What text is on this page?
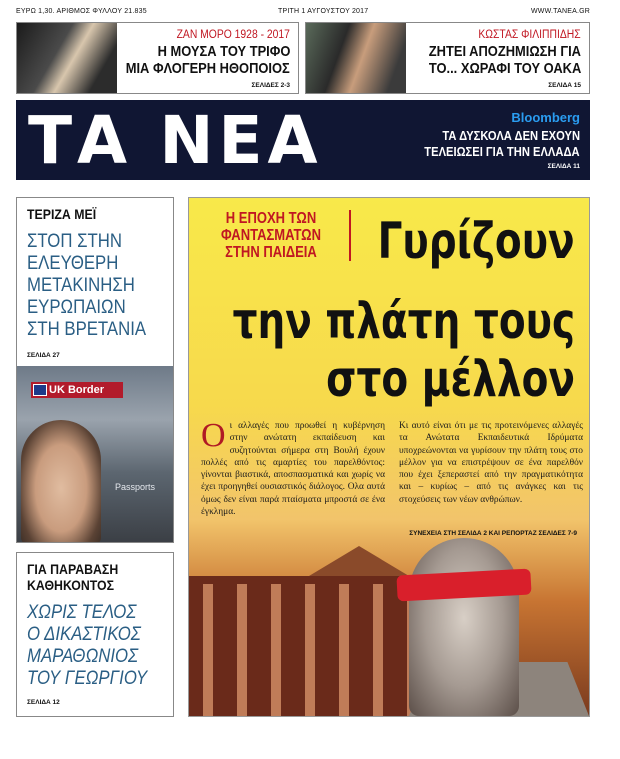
ΕΥΡΩ 1,30. ΑΡΙΘΜΟΣ ΦΥΛΛΟΥ 21.835	ΤΡΙΤΗ 1 ΑΥΓΟΥΣΤΟΥ 2017	WWW.TANEA.GR
ΖΑΝ ΜΟΡΟ 1928 - 2017
Η ΜΟΥΣΑ ΤΟΥ ΤΡΙΦΟ
ΜΙΑ ΦΛΟΓΕΡΗ ΗΘΟΠΟΙΟΣ
ΣΕΛΙΔΕΣ 2-3
ΚΩΣΤΑΣ ΦΙΛΙΠΠΙΔΗΣ
ΖΗΤΕΙ ΑΠΟΖΗΜΙΩΣΗ ΓΙΑ
ΤΟ... ΧΩΡΑΦΙ ΤΟΥ ΟΑΚΑ
ΣΕΛΙΔΑ 15
ΤΑ ΝΕΑ	Bloomberg
ΤΑ ΔΥΣΚΟΛΑ ΔΕΝ ΕΧΟΥΝ
ΤΕΛΕΙΩΣΕΙ ΓΙΑ ΤΗΝ ΕΛΛΑΔΑ
ΣΕΛΙΔΑ 11
ΤΕΡΙΖΑ ΜΕΪ
ΣΤΟΠ ΣΤΗΝ
ΕΛΕΥΘΕΡΗ
ΜΕΤΑΚΙΝΗΣΗ
ΕΥΡΩΠΑΙΩΝ
ΣΤΗ ΒΡΕΤΑΝΙΑ
ΣΕΛΙΔΑ 27
UK Border
Passports
ΓΙΑ ΠΑΡΑΒΑΣΗ
ΚΑΘΗΚΟΝΤΟΣ
ΧΩΡΙΣ ΤΕΛΟΣ
Ο ΔΙΚΑΣΤΙΚΟΣ
ΜΑΡΑΘΩΝΙΟΣ
ΤΟΥ ΓΕΩΡΓΙΟΥ
ΣΕΛΙΔΑ 12
Η ΕΠΟΧΗ ΤΩΝ
ΦΑΝΤΑΣΜΑΤΩΝ
ΣΤΗΝ ΠΑΙΔΕΙΑ Γυρίζουν
την πλάτη τους
στο μέλλον
Οι αλλαγές που προωθεί η κυβέρνηση στην ανώτατη εκπαίδευση και συζητούνται σήμερα στη Βουλή έχουν πολλές από τις αμαρτίες του παρελθόντος: γίνονται βιαστικά, αποσπασματικά και χωρίς να έχει προηγηθεί ουσιαστικός διάλογος. Ολα αυτά όμως δεν είναι παρά πταίσματα μπροστά σε ένα έγκλημα.
Κι αυτό είναι ότι με τις προτεινόμενες αλλαγές τα Ανώτατα Εκπαιδευτικά Ιδρύματα υποχρεώνονται να γυρίσουν την πλάτη τους στο μέλλον για να επιστρέψουν σε ένα παρελθόν που έχει ξεπεραστεί από την πραγματικότητα και – κυρίως – από τις ανάγκες και τις στοχεύσεις των νέων ανθρώπων.
ΣΥΝΕΧΕΙΑ ΣΤΗ ΣΕΛΙΔΑ 2 ΚΑΙ ΡΕΠΟΡΤΑΖ ΣΕΛΙΔΕΣ 7-9
